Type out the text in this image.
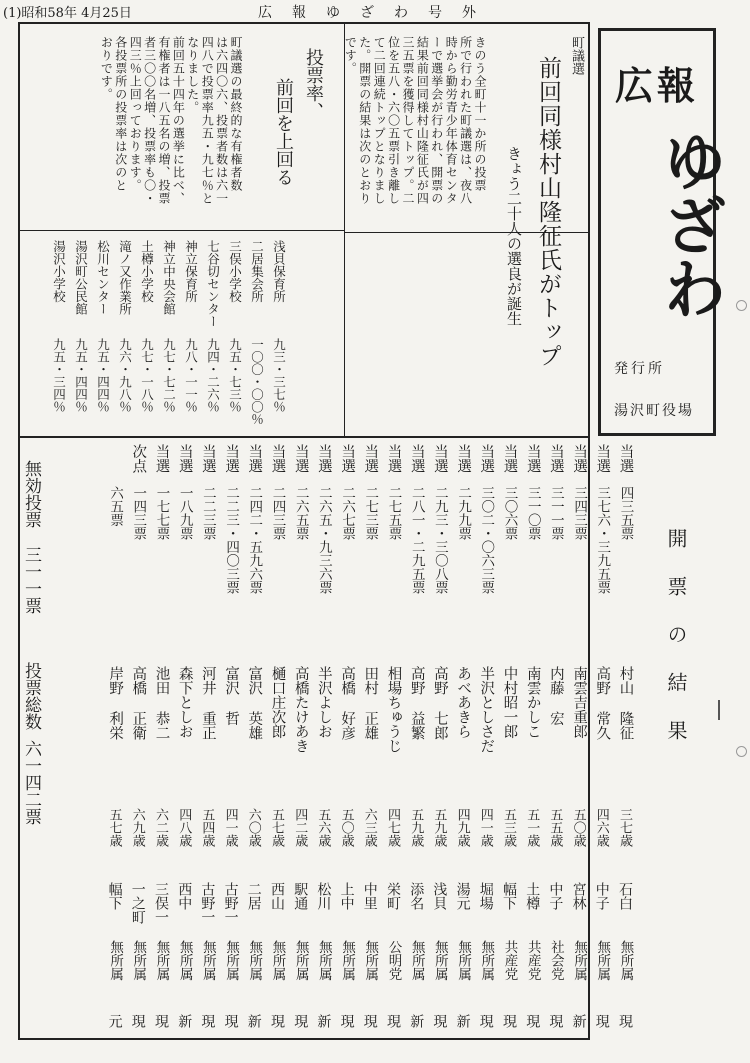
(1)昭和58年 4月25日	広報ゆざわ号外
広報
ゆざわ
発行所
湯沢町役場
町議選
前回同様村山隆征氏がトップ
きょう二十人の選良が誕生
きのう全町十一か所の投票
所で行われた町議選は、夜八
時から勤労青少年体育センタ
ーで選挙会が行われ、開票の
結果前回同様村山隆征氏が四
三五票を獲得してトップ。二
位を五八・六〇五票引き離し
て二回連続トップとなりまし
た。開票の結果は次のとおり
です。
投票率、
前回を上回る
町議選の最終的な有権者数
は六四〇六、投票者数は六一
四八で投票率九五・九七％と
なりました。
前回五十四年の選挙に比べ、
有権者は一八五名の増、投票
者三〇〇名増、投票率も〇・
四三％上回っております。
各投票所の投票率は次のと
おりです。
浅貝保育所
九三・三七％
二居集会所
一〇〇・〇〇％
三俣小学校
九五・七三％
七谷切センター
九四・二六％
神立保育所
九八・一一％
神立中央会館
九七・七二％
土樽小学校
九七・一八％
滝ノ又作業所
九六・九八％
松川センター
九五・四四％
湯沢町公民館
九五・四四％
湯沢小学校
九五・三四％
開票の結果
当選
四三五票
村山 隆征
三七歳
石白
無所属
現
当選
三七六・三九五票
高野 常久
四六歳
中子
無所属
現
当選
三四三票
南雲吉重郎
五〇歳
宮林
無所属
新
当選
三一一票
内藤 宏
五五歳
中子
社会党
現
当選
三一〇票
南雲かしこ
五一歳
土樽
共産党
現
当選
三〇六票
中村昭一郎
五三歳
幅下
共産党
現
当選
三〇二・〇六三票
半沢としさだ
四一歳
堀場
無所属
現
当選
二九九票
あべあきら
四九歳
湯元
無所属
新
当選
二九三・三〇八票
高野 七郎
五九歳
浅貝
無所属
現
当選
二八一・二九五票
高野 益繁
五九歳
添名
無所属
新
当選
二七五票
相場ちゅうじ
四七歳
栄町
公明党
現
当選
二七三票
田村 正雄
六三歳
中里
無所属
現
当選
二六七票
高橋 好彦
五〇歳
上中
無所属
現
当選
二六五・九三六票
半沢よしお
五六歳
松川
無所属
新
当選
二六五票
高橋たけあき
四二歳
駅通
無所属
現
当選
二四三票
樋口庄次郎
五七歳
西山
無所属
現
当選
二四二・五九六票
富沢 英雄
六〇歳
二居
無所属
新
当選
二二三・四〇三票
富沢 哲
四一歳
古野一
無所属
現
当選
二二三票
河井 重正
五四歳
古野一
無所属
現
当選
一八九票
森下としお
四八歳
西中
無所属
新
当選
一七七票
池田 恭二
六二歳
三俣一
無所属
現
次点
一四三票
高橋 正衛
六九歳
一之町
無所属
現
六五票
岸野 利栄
五七歳
幅下
無所属
元
無効投票
三一一票
投票総数
六一四二票
